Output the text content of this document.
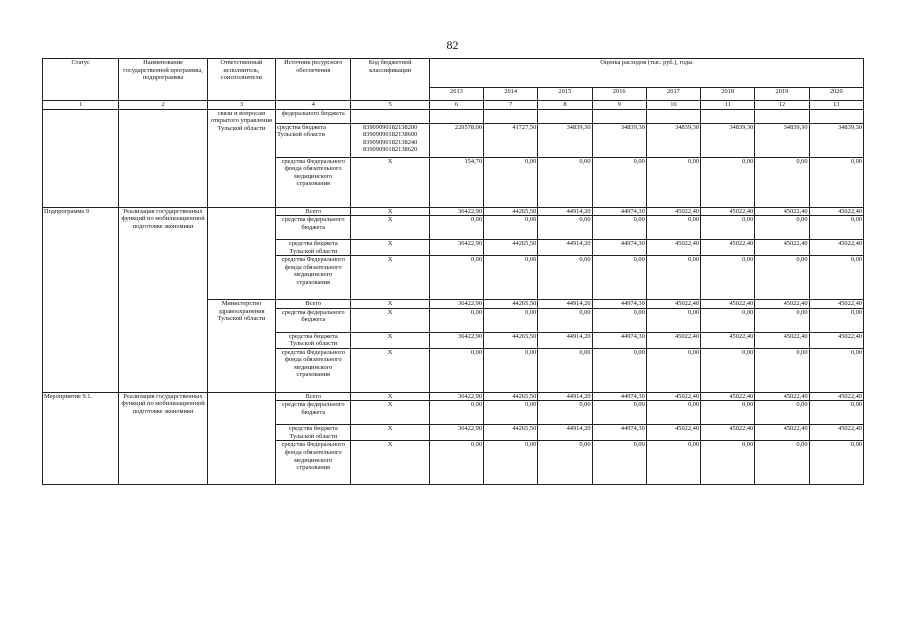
82
Статус	Наименование государственной программы, подпрограммы	Ответственный исполнитель, соисполнители	Источник ресурсного обеспечения	Код бюджетной классификации	Оценка расходов (тыс. руб.), годы							
					2013	2014	2015	2016	2017	2018	2019	2020
1	2	3	4	5	6	7	8	9	10	11	12	13
		связи и вопросам открытого управления Тульской области	федерального бюджета									
			средства бюджета Тульской области	83909090182138200 83909090182138600 83909090182138240 83909090182138620	229578,00	41727,50	34839,30	34839,30	34839,30	34839,30	34839,30	34839,30
			средства Федерального фонда обязательного медицинского страхования	X	154,70	0,00	0,00	0,00	0,00	0,00	0,00	0,00
Подпрограмма 9	Реализация государственных функций по мобилизационной подготовке экономики		Всего	X	36422,90	44265,50	44914,20	44974,30	45022,40	45022,40	45022,40	45022,40
			средства федерального бюджета	X	0,00	0,00	0,00	0,00	0,00	0,00	0,00	0,00
			средства бюджета Тульской области	X	36422,90	44265,50	44914,20	44974,30	45022,40	45022,40	45022,40	45022,40
			средства Федерального фонда обязательного медицинского страхования	X	0,00	0,00	0,00	0,00	0,00	0,00	0,00	0,00
		Министерство здравоохранения Тульской области	Всего	X	36422,90	44265,50	44914,20	44974,30	45022,40	45022,40	45022,40	45022,40
			средства федерального бюджета	X	0,00	0,00	0,00	0,00	0,00	0,00	0,00	0,00
			средства бюджета Тульской области	X	36422,90	44265,50	44914,20	44974,30	45022,40	45022,40	45022,40	45022,40
			средства Федерального фонда обязательного медицинского страхования	X	0,00	0,00	0,00	0,00	0,00	0,00	0,00	0,00
Мероприятие 9.1.	Реализация государственных функций по мобилизационной подготовке экономики		Всего	X	36422,90	44265,50	44914,20	44974,30	45022,40	45022,40	45022,40	45022,40
			средства федерального бюджета	X	0,00	0,00	0,00	0,00	0,00	0,00	0,00	0,00
			средства бюджета Тульской области	X	36422,90	44265,50	44914,20	44974,30	45022,40	45022,40	45022,40	45022,40
			средства Федерального фонда обязательного медицинского страхования	X	0,00	0,00	0,00	0,00	0,00	0,00	0,00	0,00
